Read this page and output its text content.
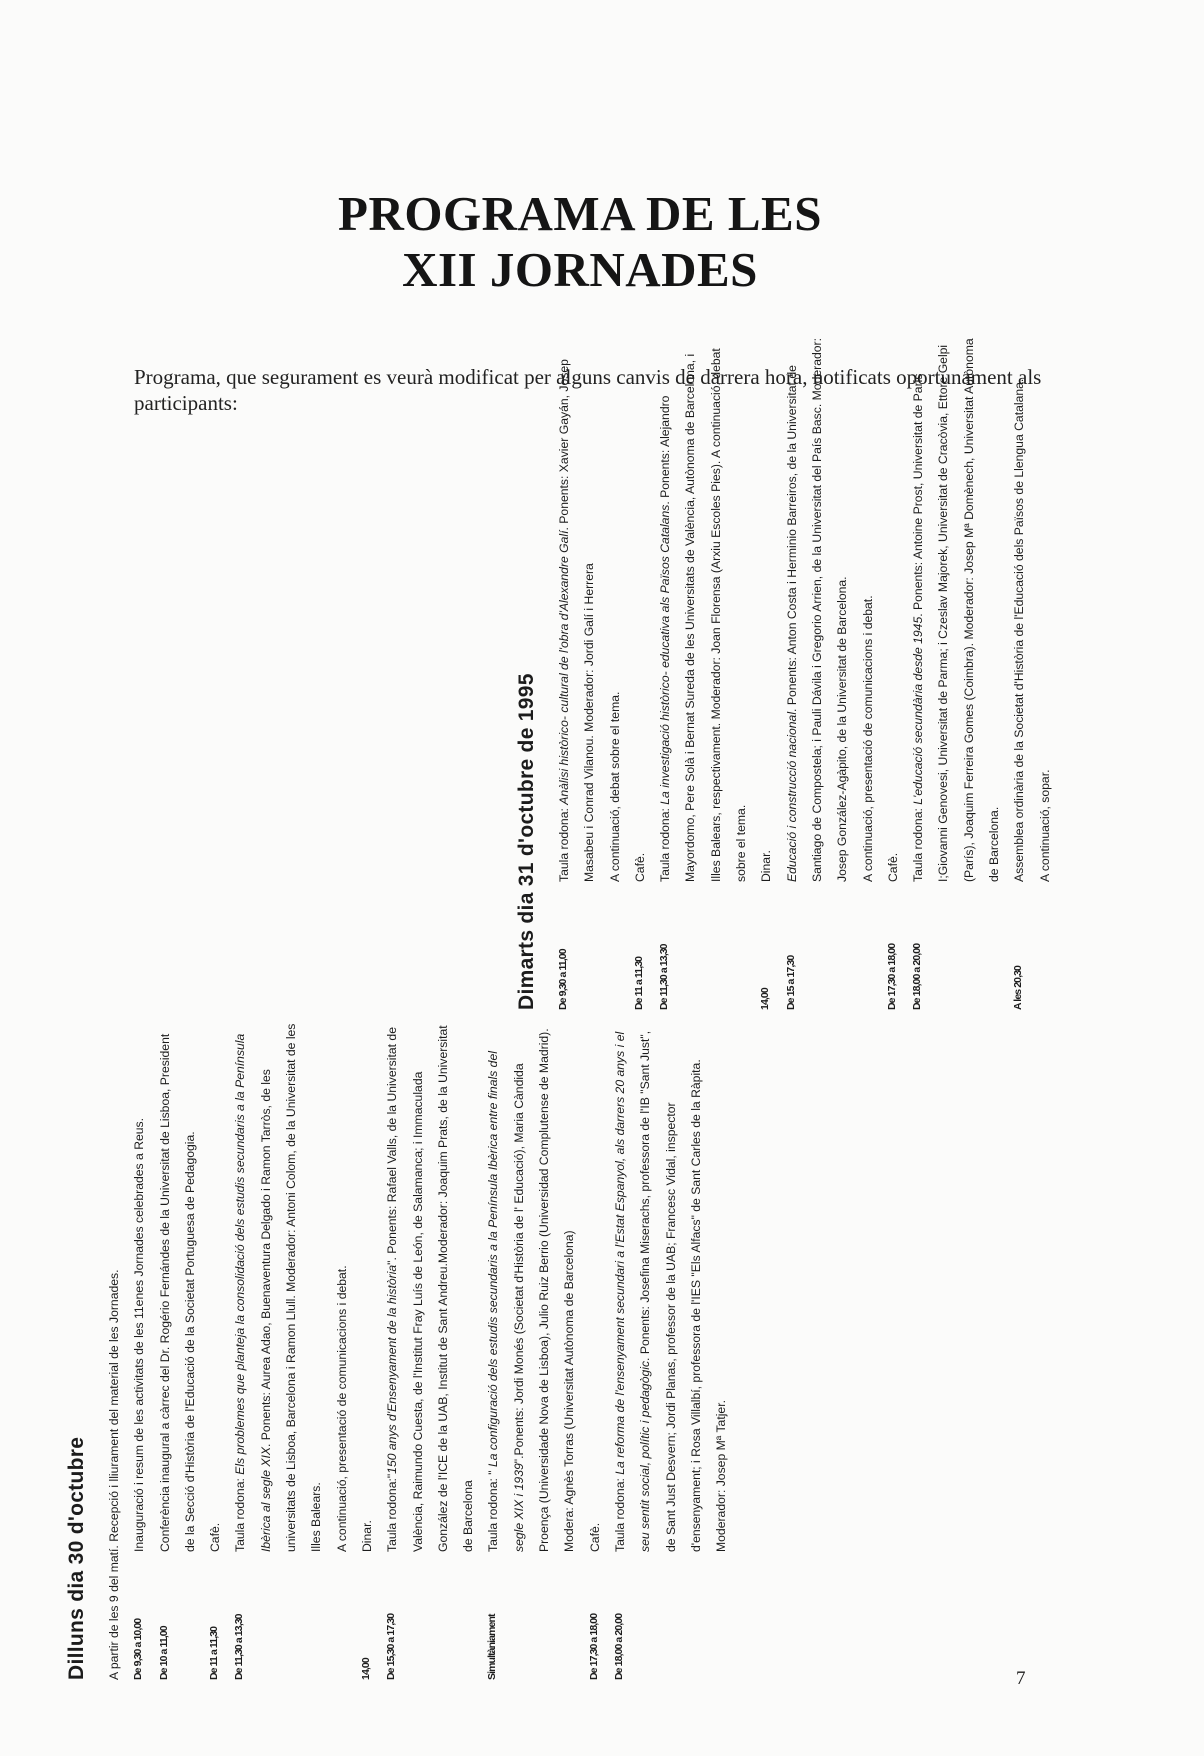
PROGRAMA DE LES
XII JORNADES

Programa, que segurament es veurà modificat per alguns canvis de darrera hora, notificats oportunament als participants:

Dilluns dia 30 d'octubre	A partir de les 9 del matí. Recepció i lliurament del material de les Jornades.	De 9,30 a 10,00
Inauguració i resum de les activitats de les 11enes Jornades celebrades a Reus.
De 10 a 11,00
Conferència inaugural a càrrec del Dr. Rogério Fernándes de la Universitat de Lisboa, President de la Secció d'Història de l'Educació de la Societat Portuguesa de Pedagogia.
De 11 a 11,30
Cafè.
De 11,30 a 13,30
Taula rodona: Els problemes que planteja la consolidació dels estudis secundaris a la Península Ibèrica al segle XIX. Ponents: Aurea Adao, Buenaventura Delgado i Ramon Tarròs, de les universitats de Lisboa, Barcelona i Ramon Llull. Moderador: Antoni Colom, de la Universitat de les Illes Balears. A continuació, presentació de comunicacions i debat.
14,00
Dinar.
De 15,30 a 17,30
Taula rodona:"150 anys d'Ensenyament de la història". Ponents: Rafael Valls, de la Universitat de València, Raimundo Cuesta, de l'Institut Fray Luís de León, de Salamanca; i Immaculada González de l'ICE de la UAB, Institut de Sant Andreu.Moderador: Joaquim Prats, de la Universitat de Barcelona
Simultàniament
Taula rodona: " La configuració dels estudis secundaris a la Península Ibèrica entre finals del segle XIX i 1939".Ponents: Jordi Monés (Societat d'Història de l' Educació), Maria Càndida Proença (Universidade Nova de Lisboa), Julio Ruiz Berrio (Universidad Complutense de Madrid). Modera: Agnès Torras (Universitat Autònoma de Barcelona)
De 17,30 a 18,00
Cafè.
De 18,00 a 20,00
Taula rodona: La reforma de l'ensenyament secundari a l'Estat Espanyol, als darrers 20 anys i el seu sentit social, polític i pedagògic. Ponents: Josefina Miserachs, professora de l'IB "Sant Just", de Sant Just Desvern; Jordi Planas, professor de la UAB; Francesc Vidal, inspector d'ensenyament; i Rosa Villalbí, professora de l'IES "Els Alfacs" de Sant Carles de la Ràpita. Moderador: Josep Mª Tatjer.
Dimarts dia 31 d'octubre de 1995	De 9,30 a 11,00
Taula rodona: Anàlisi històrico- cultural de l'obra d'Alexandre Galí. Ponents: Xavier Gayán, Josep Masabeu i Conrad Vilanou. Moderador: Jordi Galí i Herrera A continuació, debat sobre el tema.
De 11 a 11,30
Cafè.
De 11,30 a 13,30
Taula rodona: La investigació històrico- educativa als Països Catalans. Ponents: Alejandro Mayordomo, Pere Solà i Bernat Sureda de les Universitats de València, Autònoma de Barcelona, i Illes Balears, respectivament. Moderador: Joan Florensa (Arxiu Escoles Pies). A continuació, debat sobre el tema.
14,00
Dinar.
De 15 a 17,30
Educació i construcció nacional. Ponents: Anton Costa i Herminio Barreiros, de la Universitat de Santiago de Compostela; i Pauli Dávila i Gregorio Arrien, de la Universitat del País Basc. Moderador: Josep González-Agàpito, de la Universitat de Barcelona. A continuació, presentació de comunicacions i debat.
De 17,30 a 18,00
Cafè.
De 18,00 a 20,00
Taula rodona: L'educació secundària desde 1945. Ponents: Antoine Prost, Universitat de Paris I;Giovanni Genovesi, Universitat de Parma; i Czeslav Majorek, Universitat de Cracòvia, Ettore Gelpi (París), Joaquim Ferreira Gomes (Coimbra). Moderador: Josep Mª Domènech, Universitat Autònoma de Barcelona.
A les 20,30
Assemblea ordinària de la Societat d'Història de l'Educació dels Països de Llengua Catalana. A continuació, sopar.
7
